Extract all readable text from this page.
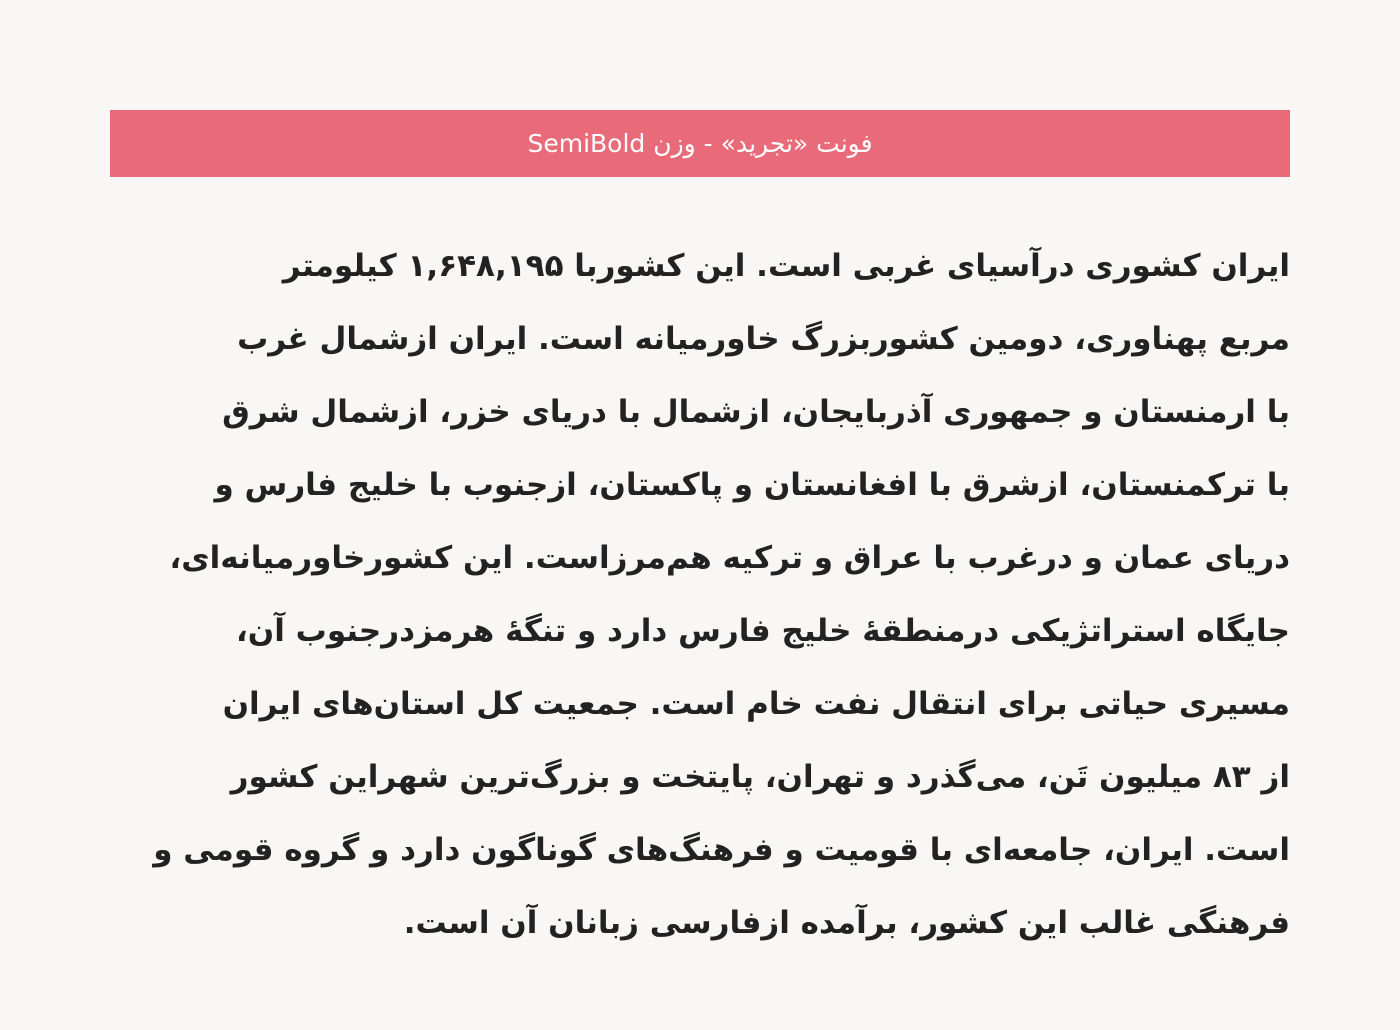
فونت «تجرید» - وزن SemiBold
ایران کشوری درآسیای غربی است. این کشوربا ۱,۶۴۸,۱۹۵ کیلومتر
مربع پهناوری، دومین کشوربزرگ خاورمیانه است. ایران ازشمال غرب
با ارمنستان و جمهوری آذربایجان، ازشمال با دریای خزر، ازشمال شرق
با ترکمنستان، ازشرق با افغانستان و پاکستان، ازجنوب با خلیج فارس و
دریای عمان و درغرب با عراق و ترکیه هم‌مرزاست. این کشورخاورمیانه‌ای،
جایگاه استراتژیکی درمنطقهٔ خلیج فارس دارد و تنگهٔ هرمزدرجنوب آن،
مسیری حیاتی برای انتقال نفت خام است. جمعیت کل استان‌های ایران
از ۸۳ میلیون تَن، می‌گذرد و تهران، پایتخت و بزرگ‌ترین شهراین کشور
است. ایران، جامعه‌ای با قومیت و فرهنگ‌های گوناگون دارد و گروه قومی و
فرهنگی غالب این کشور، برآمده ازفارسی زبانان آن است.
